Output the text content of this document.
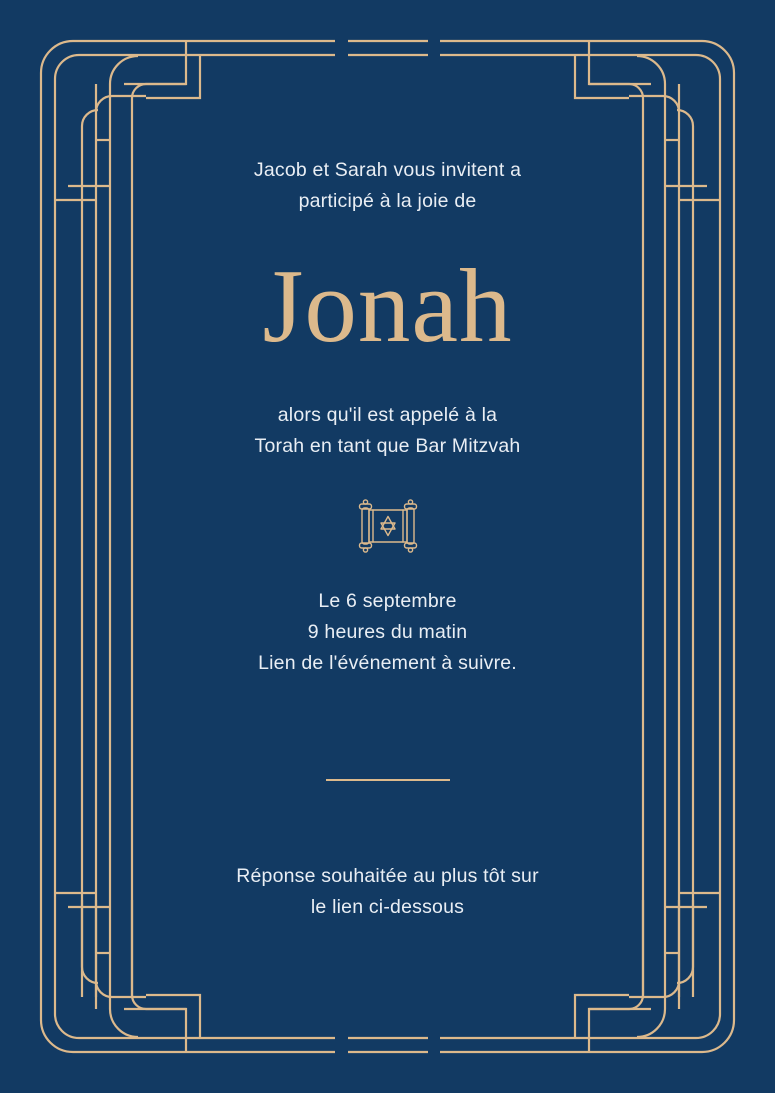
Jacob et Sarah vous invitent a
participé à la joie de
Jonah
alors qu'il est appelé à la
Torah en tant que Bar Mitzvah
Le 6 septembre
9 heures du matin
Lien de l'événement à suivre.
Réponse souhaitée au plus tôt sur
le lien ci-dessous
